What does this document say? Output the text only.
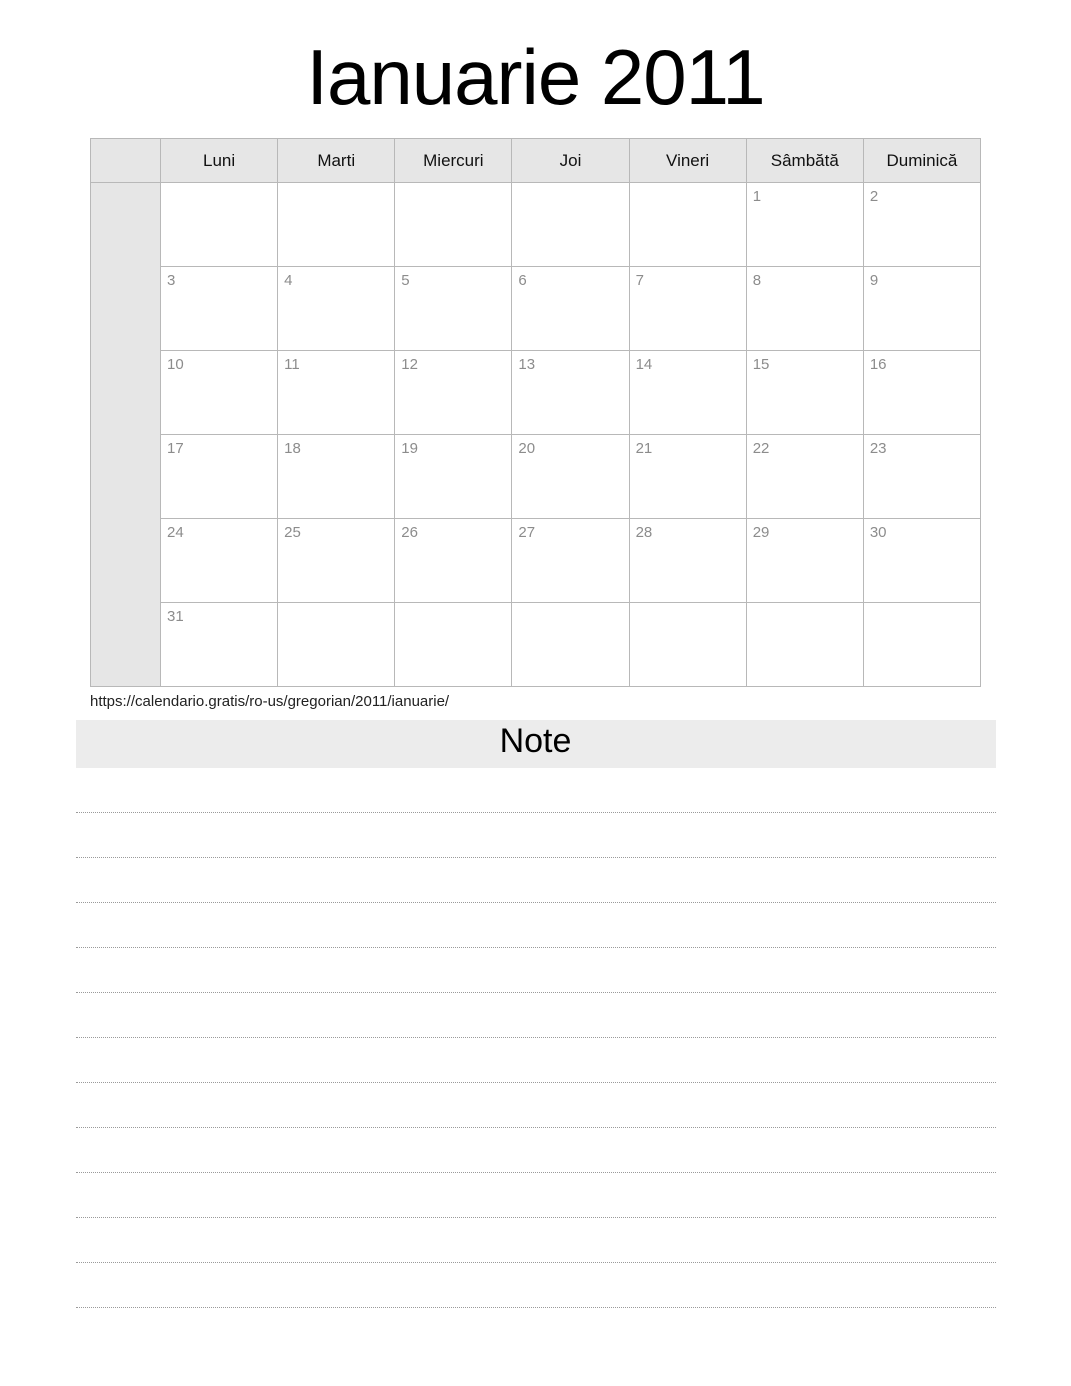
Ianuarie 2011
	Luni	Marti	Miercuri	Joi	Vineri	Sâmbătă	Duminică
						1	2
	3	4	5	6	7	8	9
	10	11	12	13	14	15	16
	17	18	19	20	21	22	23
	24	25	26	27	28	29	30
	31						
https://calendario.gratis/ro-us/gregorian/2011/ianuarie/
Note
